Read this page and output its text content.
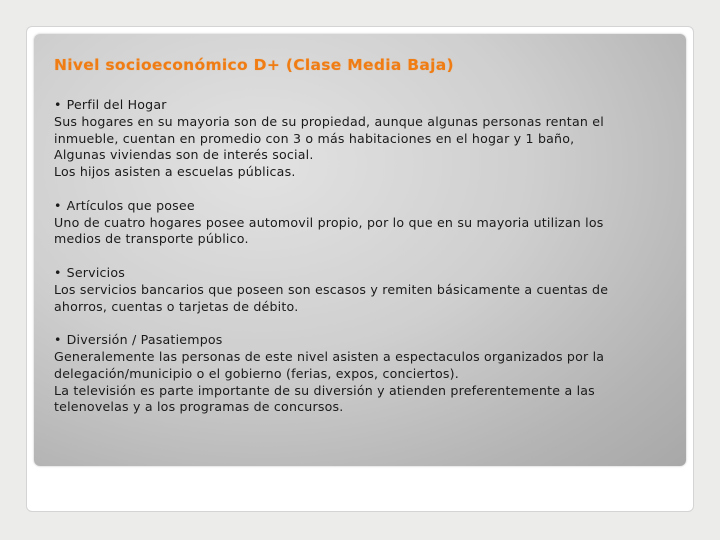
Nivel socioeconómico D+ (Clase Media Baja)
• Perfil del Hogar
Sus hogares en su mayoria son de su propiedad, aunque algunas personas rentan el
inmueble, cuentan en promedio con 3 o más habitaciones en el hogar y 1 baño,
Algunas viviendas son de interés social.
Los hijos asisten a escuelas públicas.
• Artículos que posee
Uno de cuatro hogares posee automovil propio, por lo que en su mayoria utilizan los
medios de transporte público.
• Servicios
Los servicios bancarios que poseen son escasos y remiten básicamente a cuentas de
ahorros, cuentas o tarjetas de débito.
• Diversión / Pasatiempos
Generalemente las personas de este nivel asisten a espectaculos organizados por la
delegación/municipio o el gobierno (ferias, expos, conciertos).
La televisión es parte importante de su diversión y atienden preferentemente a las
telenovelas y a los programas de concursos.
